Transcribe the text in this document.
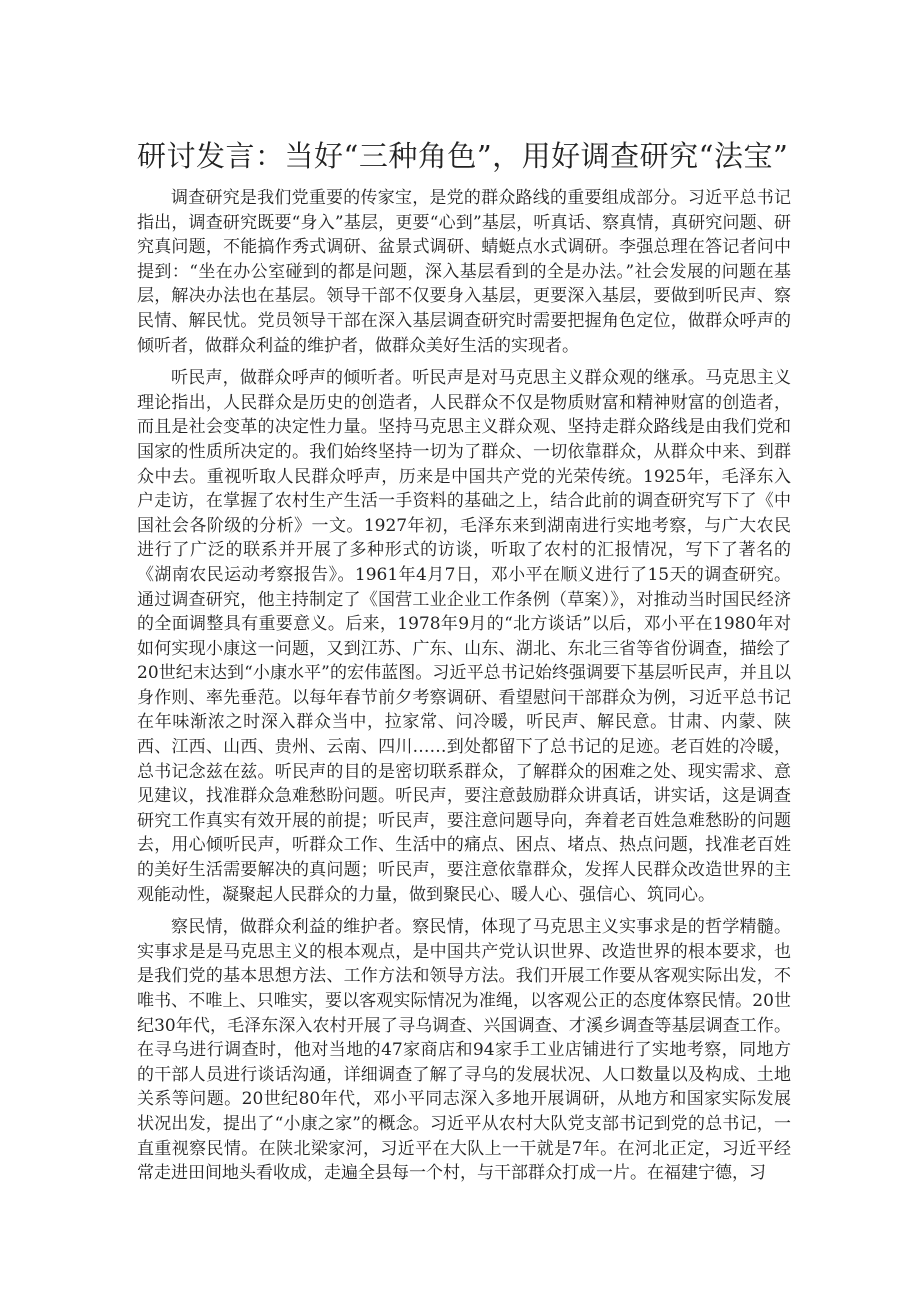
研讨发言：当好“三种角色”，用好调查研究“法宝”

调查研究是我们党重要的传家宝，是党的群众路线的重要组成部分。习近平总书记指出，调查研究既要“身入”基层，更要“心到”基层，听真话、察真情，真研究问题、研究真问题，不能搞作秀式调研、盆景式调研、蜻蜓点水式调研。李强总理在答记者问中提到：“坐在办公室碰到的都是问题，深入基层看到的全是办法。”社会发展的问题在基层，解决办法也在基层。领导干部不仅要身入基层，更要深入基层，要做到听民声、察民情、解民忧。党员领导干部在深入基层调查研究时需要把握角色定位，做群众呼声的倾听者，做群众利益的维护者，做群众美好生活的实现者。

听民声，做群众呼声的倾听者。听民声是对马克思主义群众观的继承。马克思主义理论指出，人民群众是历史的创造者，人民群众不仅是物质财富和精神财富的创造者，而且是社会变革的决定性力量。坚持马克思主义群众观、坚持走群众路线是由我们党和国家的性质所决定的。我们始终坚持一切为了群众、一切依靠群众，从群众中来、到群众中去。重视听取人民群众呼声，历来是中国共产党的光荣传统。1925年，毛泽东入户走访，在掌握了农村生产生活一手资料的基础之上，结合此前的调查研究写下了《中国社会各阶级的分析》一文。1927年初，毛泽东来到湖南进行实地考察，与广大农民进行了广泛的联系并开展了多种形式的访谈，听取了农村的汇报情况，写下了著名的《湖南农民运动考察报告》。1961年4月7日，邓小平在顺义进行了15天的调查研究。通过调查研究，他主持制定了《国营工业企业工作条例（草案）》，对推动当时国民经济的全面调整具有重要意义。后来，1978年9月的“北方谈话”以后，邓小平在1980年对如何实现小康这一问题，又到江苏、广东、山东、湖北、东北三省等省份调查，描绘了20世纪末达到“小康水平”的宏伟蓝图。习近平总书记始终强调要下基层听民声，并且以身作则、率先垂范。以每年春节前夕考察调研、看望慰问干部群众为例，习近平总书记在年味渐浓之时深入群众当中，拉家常、问冷暖，听民声、解民意。甘肃、内蒙、陕西、江西、山西、贵州、云南、四川……到处都留下了总书记的足迹。老百姓的冷暖，总书记念兹在兹。听民声的目的是密切联系群众，了解群众的困难之处、现实需求、意见建议，找准群众急难愁盼问题。听民声，要注意鼓励群众讲真话，讲实话，这是调查研究工作真实有效开展的前提；听民声，要注意问题导向，奔着老百姓急难愁盼的问题去，用心倾听民声，听群众工作、生活中的痛点、困点、堵点、热点问题，找准老百姓的美好生活需要解决的真问题；听民声，要注意依靠群众，发挥人民群众改造世界的主观能动性，凝聚起人民群众的力量，做到聚民心、暖人心、强信心、筑同心。

察民情，做群众利益的维护者。察民情，体现了马克思主义实事求是的哲学精髓。实事求是是马克思主义的根本观点，是中国共产党认识世界、改造世界的根本要求，也是我们党的基本思想方法、工作方法和领导方法。我们开展工作要从客观实际出发，不唯书、不唯上、只唯实，要以客观实际情况为准绳，以客观公正的态度体察民情。20世纪30年代，毛泽东深入农村开展了寻乌调查、兴国调查、才溪乡调查等基层调查工作。在寻乌进行调查时，他对当地的47家商店和94家手工业店铺进行了实地考察，同地方的干部人员进行谈话沟通，详细调查了解了寻乌的发展状况、人口数量以及构成、土地关系等问题。20世纪80年代，邓小平同志深入多地开展调研，从地方和国家实际发展状况出发，提出了“小康之家”的概念。习近平从农村大队党支部书记到党的总书记，一直重视察民情。在陕北梁家河，习近平在大队上一干就是7年。在河北正定，习近平经常走进田间地头看收成，走遍全县每一个村，与干部群众打成一片。在福建宁德，习
